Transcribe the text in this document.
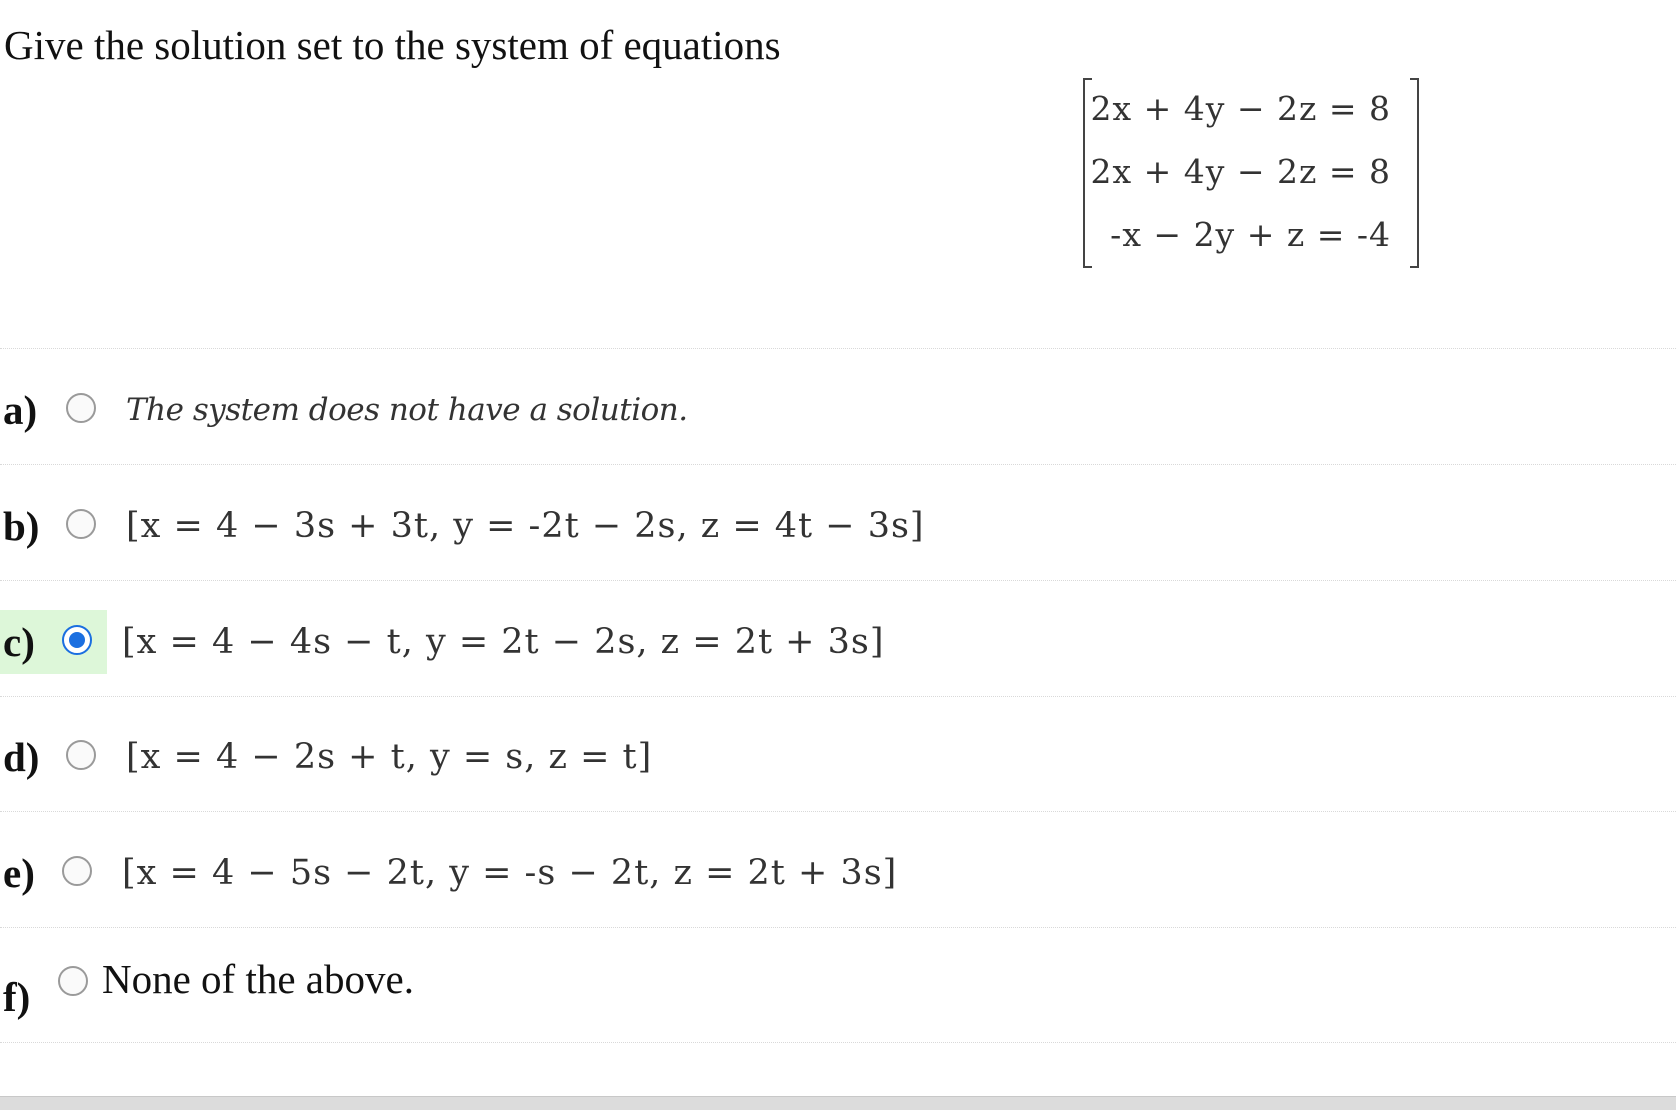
Give the solution set to the system of equations
2x + 4y − 2z = 8
2x + 4y − 2z = 8
-x − 2y + z = -4
a)	The system does not have a solution.
b) [x = 4 − 3s + 3t, y = -2t − 2s, z = 4t − 3s]
c) [x = 4 − 4s − t, y = 2t − 2s, z = 2t + 3s]
d) [x = 4 − 2s + t, y = s, z = t]
e) [x = 4 − 5s − 2t, y = -s − 2t, z = 2t + 3s]
f) None of the above.
